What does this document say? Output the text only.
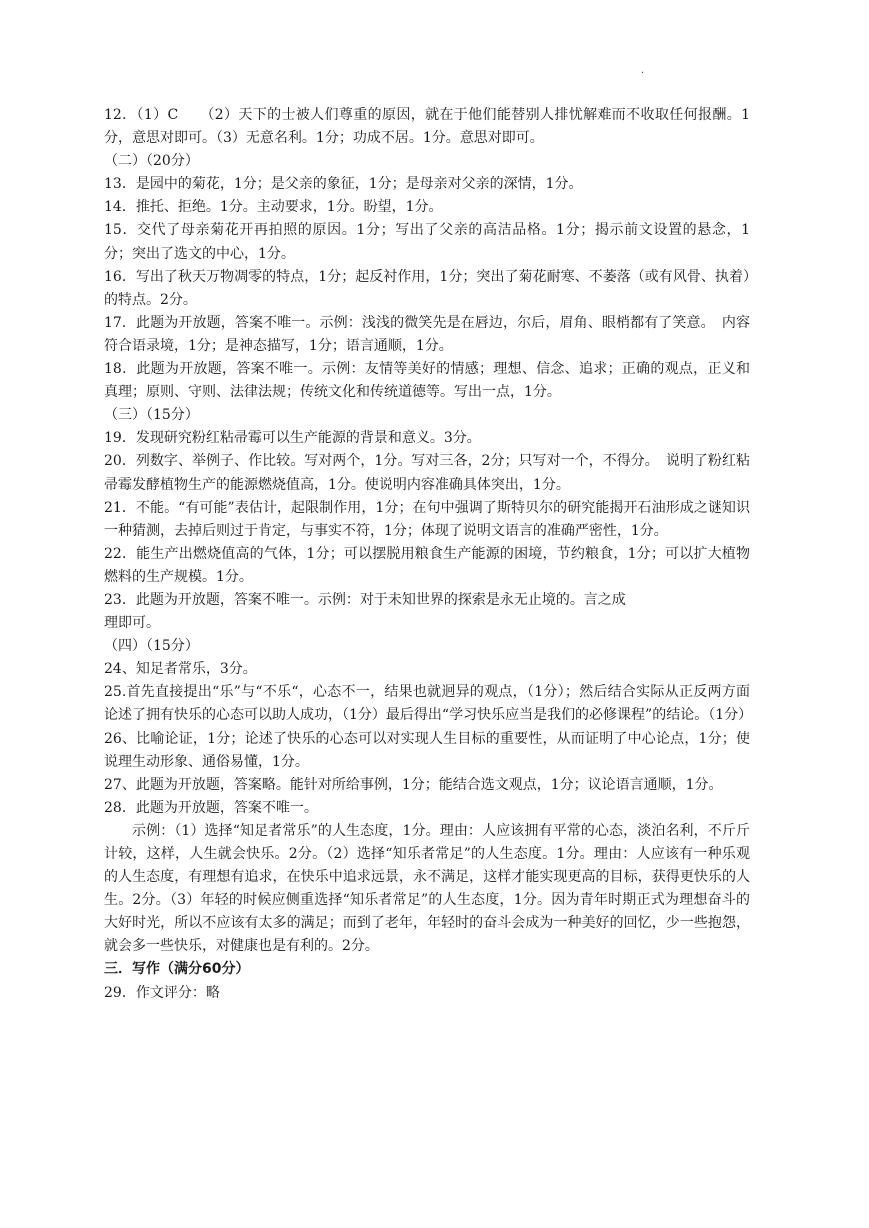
.

12．（1）C　　（2）天下的士被人们尊重的原因，就在于他们能替别人排忧解难而不收取任何报酬。1分，意思对即可。（3）无意名利。1分；功成不居。1分。意思对即可。

（二）（20分）

13．是园中的菊花，1分；是父亲的象征，1分；是母亲对父亲的深情，1分。

14．推托、拒绝。1分。主动要求，1分。盼望，1分。

15．交代了母亲菊花开再拍照的原因。1分；写出了父亲的高洁品格。1分；揭示前文设置的悬念，1分；突出了选文的中心，1分。

16．写出了秋天万物凋零的特点，1分；起反衬作用，1分；突出了菊花耐寒、不萎落（或有风骨、执着）的特点。2分。

17．此题为开放题，答案不唯一。示例：浅浅的微笑先是在唇边，尔后，眉角、眼梢都有了笑意。　内容符合语录境，1分；是神态描写，1分；语言通顺，1分。

18．此题为开放题，答案不唯一。示例：友情等美好的情感；理想、信念、追求；正确的观点，正义和真理；原则、守则、法律法规；传统文化和传统道德等。写出一点，1分。

（三）（15分）

19．发现研究粉红粘帚霉可以生产能源的背景和意义。3分。

20．列数字、举例子、作比较。写对两个，1分。写对三各，2分；只写对一个，不得分。　说明了粉红粘帚霉发酵植物生产的能源燃烧值高，1分。使说明内容准确具体突出，1分。

21．不能。“有可能”表估计，起限制作用，1分；在句中强调了斯特贝尔的研究能揭开石油形成之谜知识一种猜测，去掉后则过于肯定，与事实不符，1分；体现了说明文语言的准确严密性，1分。

22．能生产出燃烧值高的气体，1分；可以摆脱用粮食生产能源的困境，节约粮食，1分；可以扩大植物燃料的生产规模。1分。

23．此题为开放题，答案不唯一。示例：对于未知世界的探索是永无止境的。言之成

理即可。

（四）（15分）

24、知足者常乐，3分。

25.首先直接提出“乐”与“不乐“，心态不一，结果也就迥异的观点，（1分）；然后结合实际从正反两方面论述了拥有快乐的心态可以助人成功，（1分）最后得出“学习快乐应当是我们的必修课程”的结论。（1分）

26、比喻论证，1分；论述了快乐的心态可以对实现人生目标的重要性，从而证明了中心论点，1分；使说理生动形象、通俗易懂，1分。

27、此题为开放题，答案略。能针对所给事例，1分；能结合选文观点，1分；议论语言通顺，1分。

28．此题为开放题，答案不唯一。

示例：（1）选择“知足者常乐”的人生态度，1分。理由：人应该拥有平常的心态，淡泊名利，不斤斤计较，这样，人生就会快乐。2分。（2）选择“知乐者常足”的人生态度。1分。理由：人应该有一种乐观的人生态度，有理想有追求，在快乐中追求远景，永不满足，这样才能实现更高的目标，获得更快乐的人生。2分。（3）年轻的时候应侧重选择“知乐者常足”的人生态度，1分。因为青年时期正式为理想奋斗的大好时光，所以不应该有太多的满足；而到了老年，年轻时的奋斗会成为一种美好的回忆，少一些抱怨，就会多一些快乐，对健康也是有利的。2分。

三．写作（满分60分）

29．作文评分：略
